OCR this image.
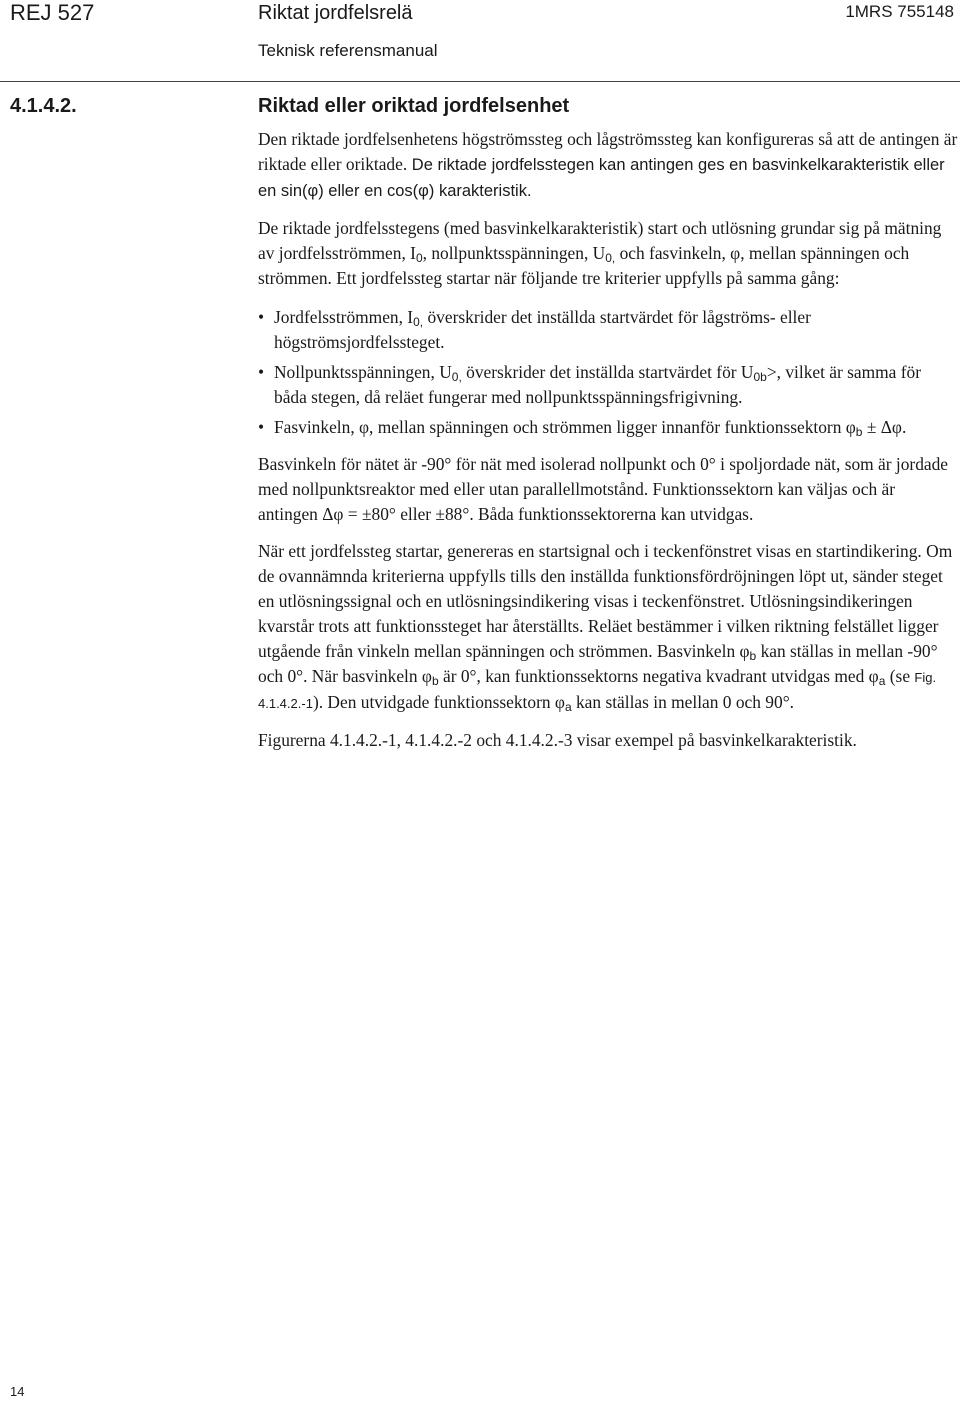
REJ 527	Riktat jordfelsrelä	1MRS 755148
Teknisk referensmanual
4.1.4.2.	Riktad eller oriktad jordfelsenhet

Den riktade jordfelsenhetens högströmssteg och lågströmssteg kan konfigureras så att de antingen är riktade eller oriktade. De riktade jordfelsstegen kan antingen ges en basvinkelkarakteristik eller en sin(φ) eller en cos(φ) karakteristik.

De riktade jordfelsstegens (med basvinkelkarakteristik) start och utlösning grundar sig på mätning av jordfelsströmmen, $I_0$, nollpunktsspänningen, $U_{0,}$ och fasvinkeln, φ, mellan spänningen och strömmen. Ett jordfelssteg startar när följande tre kriterier uppfylls på samma gång:

• Jordfelsströmmen, $I_{0,}$ överskrider det inställda startvärdet för lågströms- eller högströmsjordfelssteget.
• Nollpunktsspänningen, $U_{0,}$ överskrider det inställda startvärdet för $U_{0b}>$, vilket är samma för båda stegen, då reläet fungerar med nollpunktsspänningsfrigivning.
• Fasvinkeln, φ, mellan spänningen och strömmen ligger innanför funktionssektorn $\varphi_b \pm \Delta\varphi$.

Basvinkeln för nätet är -90° för nät med isolerad nollpunkt och 0° i spoljordade nät, som är jordade med nollpunktsreaktor med eller utan parallellmotstånd. Funktionssektorn kan väljas och är antingen Δφ = ±80° eller ±88°. Båda funktionssektorerna kan utvidgas.

När ett jordfelssteg startar, genereras en startsignal och i teckenfönstret visas en startindikering. Om de ovannämnda kriterierna uppfylls tills den inställda funktionsfördröjningen löpt ut, sänder steget en utlösningssignal och en utlösningsindikering visas i teckenfönstret. Utlösningsindikeringen kvarstår trots att funktionssteget har återställts. Reläet bestämmer i vilken riktning felstället ligger utgående från vinkeln mellan spänningen och strömmen. Basvinkeln $\varphi_b$ kan ställas in mellan -90° och 0°. När basvinkeln $\varphi_b$ är 0°, kan funktionssektorns negativa kvadrant utvidgas med $\varphi_a$ (se Fig. 4.1.4.2.-1). Den utvidgade funktionssektorn $\varphi_a$ kan ställas in mellan 0 och 90°.

Figurerna 4.1.4.2.-1, 4.1.4.2.-2 och 4.1.4.2.-3 visar exempel på basvinkelkarakteristik.

14
